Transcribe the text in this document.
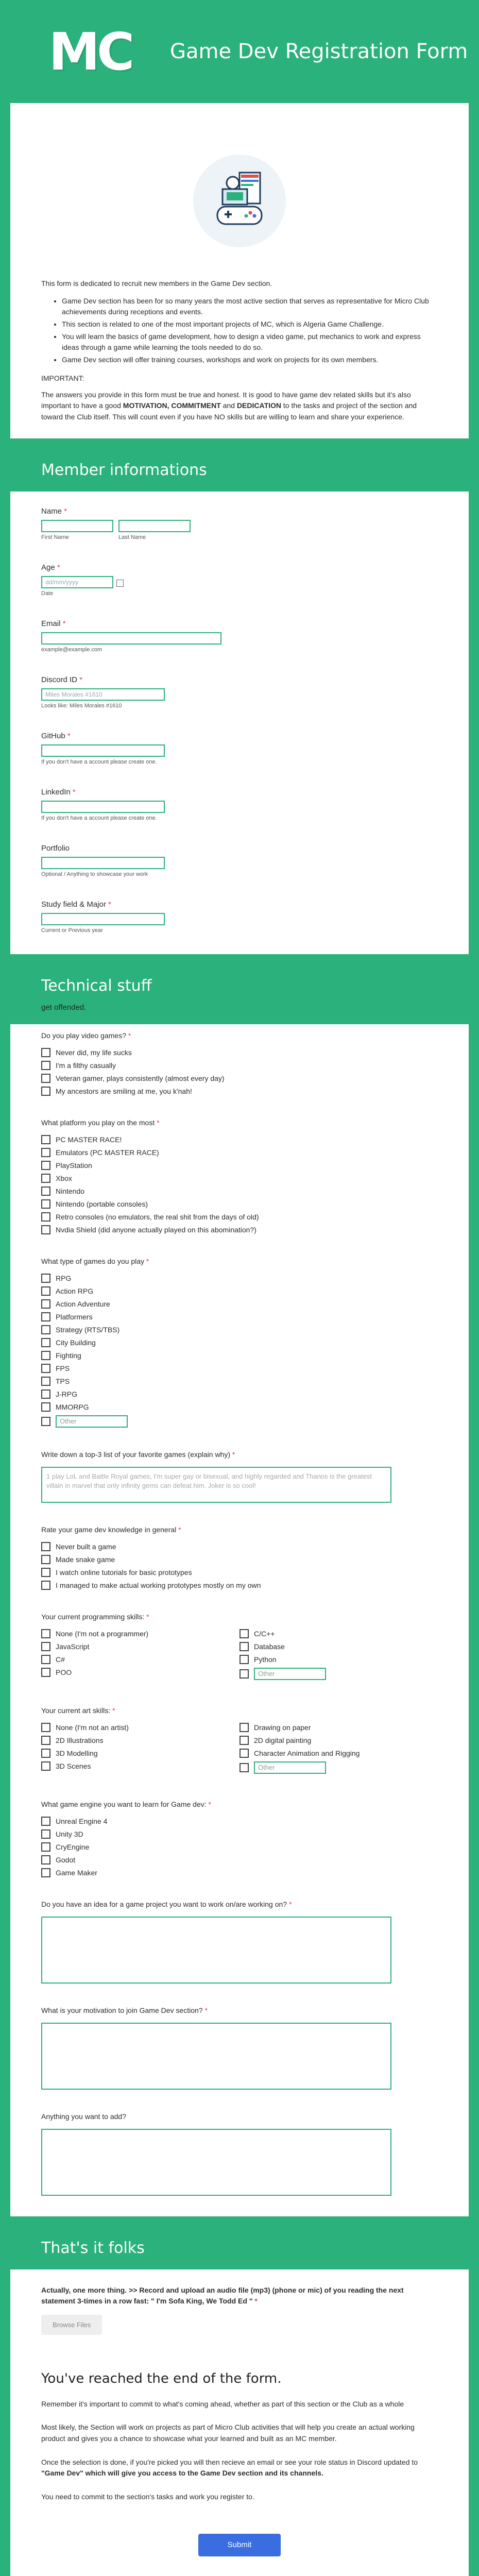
MC	Game Dev Registration Form

This form is dedicated to recruit new members in the Game Dev section.

• Game Dev section has been for so many years the most active section that serves as representative for Micro Club achievements during receptions and events.
• This section is related to one of the most important projects of MC, which is Algeria Game Challenge.
• You will learn the basics of game development, how to design a video game, put mechanics to work and express ideas through a game while learning the tools needed to do so.
• Game Dev section will offer training courses, workshops and work on projects for its own members.

IMPORTANT:

The answers you provide in this form must be true and honest. It is good to have game dev related skills but it's also important to have a good MOTIVATION, COMMITMENT and DEDICATION to the tasks and project of the section and toward the Club itself. This will count even if you have NO skills but are willing to learn and share your experience.

Member informations
Name *
First Name	Last Name
Age *
dd/mm/yyyy
Date
Email *
example@example.com
Discord ID *
Miles Morales #1610
Looks like: Miles Morales #1610
GitHub *
If you don't have a account please create one.
LinkedIn *
If you don't have a account please create one.
Portfolio
Optional / Anything to showcase your work
Study field & Major *
Current or Previous year
Technical stuff
get offended.
Do you play video games? *
Never did, my life sucks
I'm a filthy casually
Veteran gamer, plays consistently (almost every day)
My ancestors are smiling at me, you k'nah!
What platform you play on the most *
PC MASTER RACE!
Emulators (PC MASTER RACE)
PlayStation
Xbox
Nintendo
Nintendo (portable consoles)
Retro consoles (no emulators, the real shit from the days of old)
Nvdia Shield (did anyone actually played on this abomination?)
What type of games do you play *
RPG
Action RPG
Action Adventure
Platformers
Strategy (RTS/TBS)
City Building
Fighting
FPS
TPS
J-RPG
MMORPG
Other
Write down a top-3 list of your favorite games (explain why) *
1 play LoL and Battle Royal games, I'm super gay or bisexual, and highly regarded and Thanos is the greatest villain in marvel that only infinity gems can defeat him. Joker is so cool!
Rate your game dev knowledge in general *
Never built a game
Made snake game
I watch online tutorials for basic prototypes
I managed to make actual working prototypes mostly on my own
Your current programming skills: *
None (I'm not a programmer)
JavaScript
C#
POO
C/C++
Database
Python
Other
Your current art skills: *
None (I'm not an artist)
2D Illustrations
3D Modelling
3D Scenes
Drawing on paper
2D digital painting
Character Animation and Rigging
Other
What game engine you want to learn for Game dev: *
Unreal Engine 4
Unity 3D
CryEngine
Godot
Game Maker
Do you have an idea for a game project you want to work on/are working on? *
What is your motivation to join Game Dev section? *
Anything you want to add?
That's it folks
Actually, one more thing. >> Record and upload an audio file (mp3) (phone or mic) of you reading the next statement 3-times in a row fast: " I'm Sofa King, We Todd Ed " *
Browse Files
You've reached the end of the form.

Remember it's important to commit to what's coming ahead, whether as part of this section or the Club as a whole

Most likely, the Section will work on projects as part of Micro Club activities that will help you create an actual working product and gives you a chance to showcase what your learned and built as an MC member.

Once the selection is done, if you're picked you will then recieve an email or see your role status in Discord updated to "Game Dev" which will give you access to the Game Dev section and its channels.

You need to commit to the section's tasks and work you register to.

Submit
